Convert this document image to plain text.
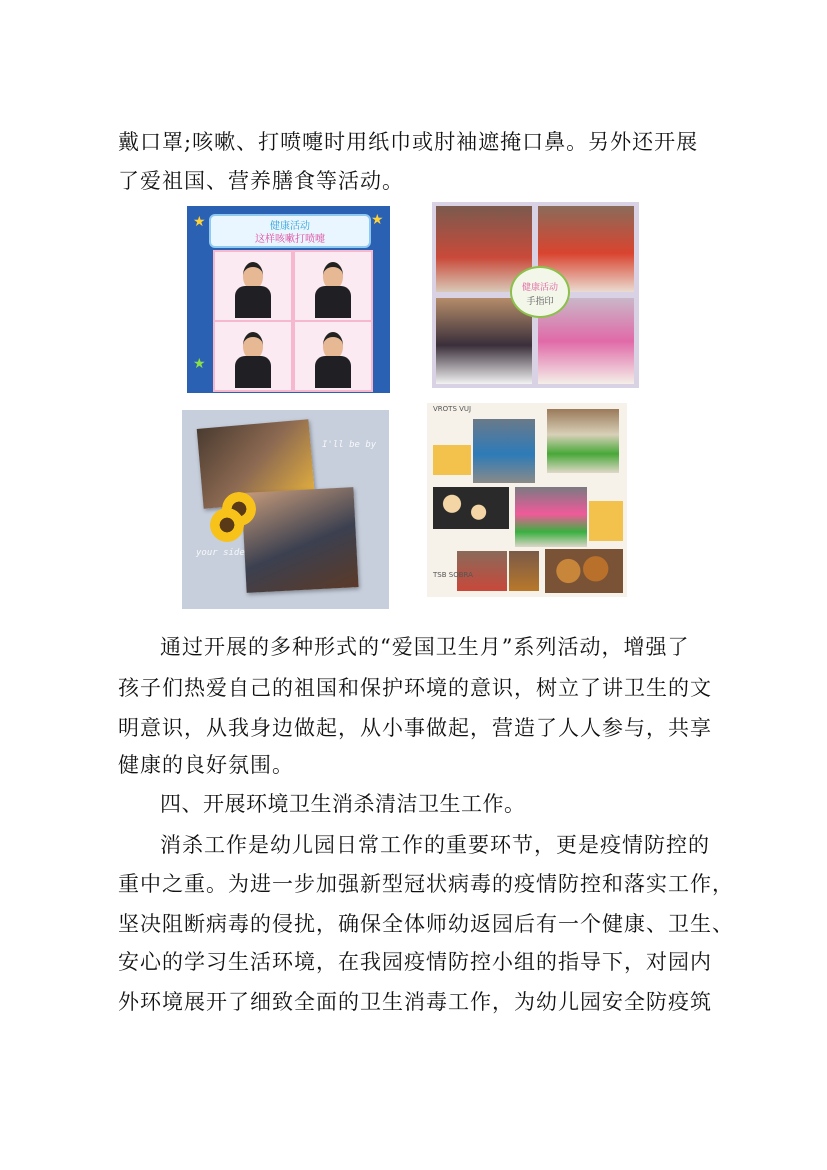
戴口罩;咳嗽、打喷嚏时用纸巾或肘袖遮掩口鼻。另外还开展
了爱祖国、营养膳食等活动。
健康活动
这样咳嗽打喷嚏
★	★
★
健康活动
手指印
I'll be by
your side
VROTS VUJ
TSB SOBRA
通过开展的多种形式的“爱国卫生月”系列活动，增强了
孩子们热爱自己的祖国和保护环境的意识，树立了讲卫生的文
明意识，从我身边做起，从小事做起，营造了人人参与，共享
健康的良好氛围。
四、开展环境卫生消杀清洁卫生工作。
消杀工作是幼儿园日常工作的重要环节，更是疫情防控的
重中之重。为进一步加强新型冠状病毒的疫情防控和落实工作，
坚决阻断病毒的侵扰，确保全体师幼返园后有一个健康、卫生、
安心的学习生活环境，在我园疫情防控小组的指导下，对园内
外环境展开了细致全面的卫生消毒工作，为幼儿园安全防疫筑
